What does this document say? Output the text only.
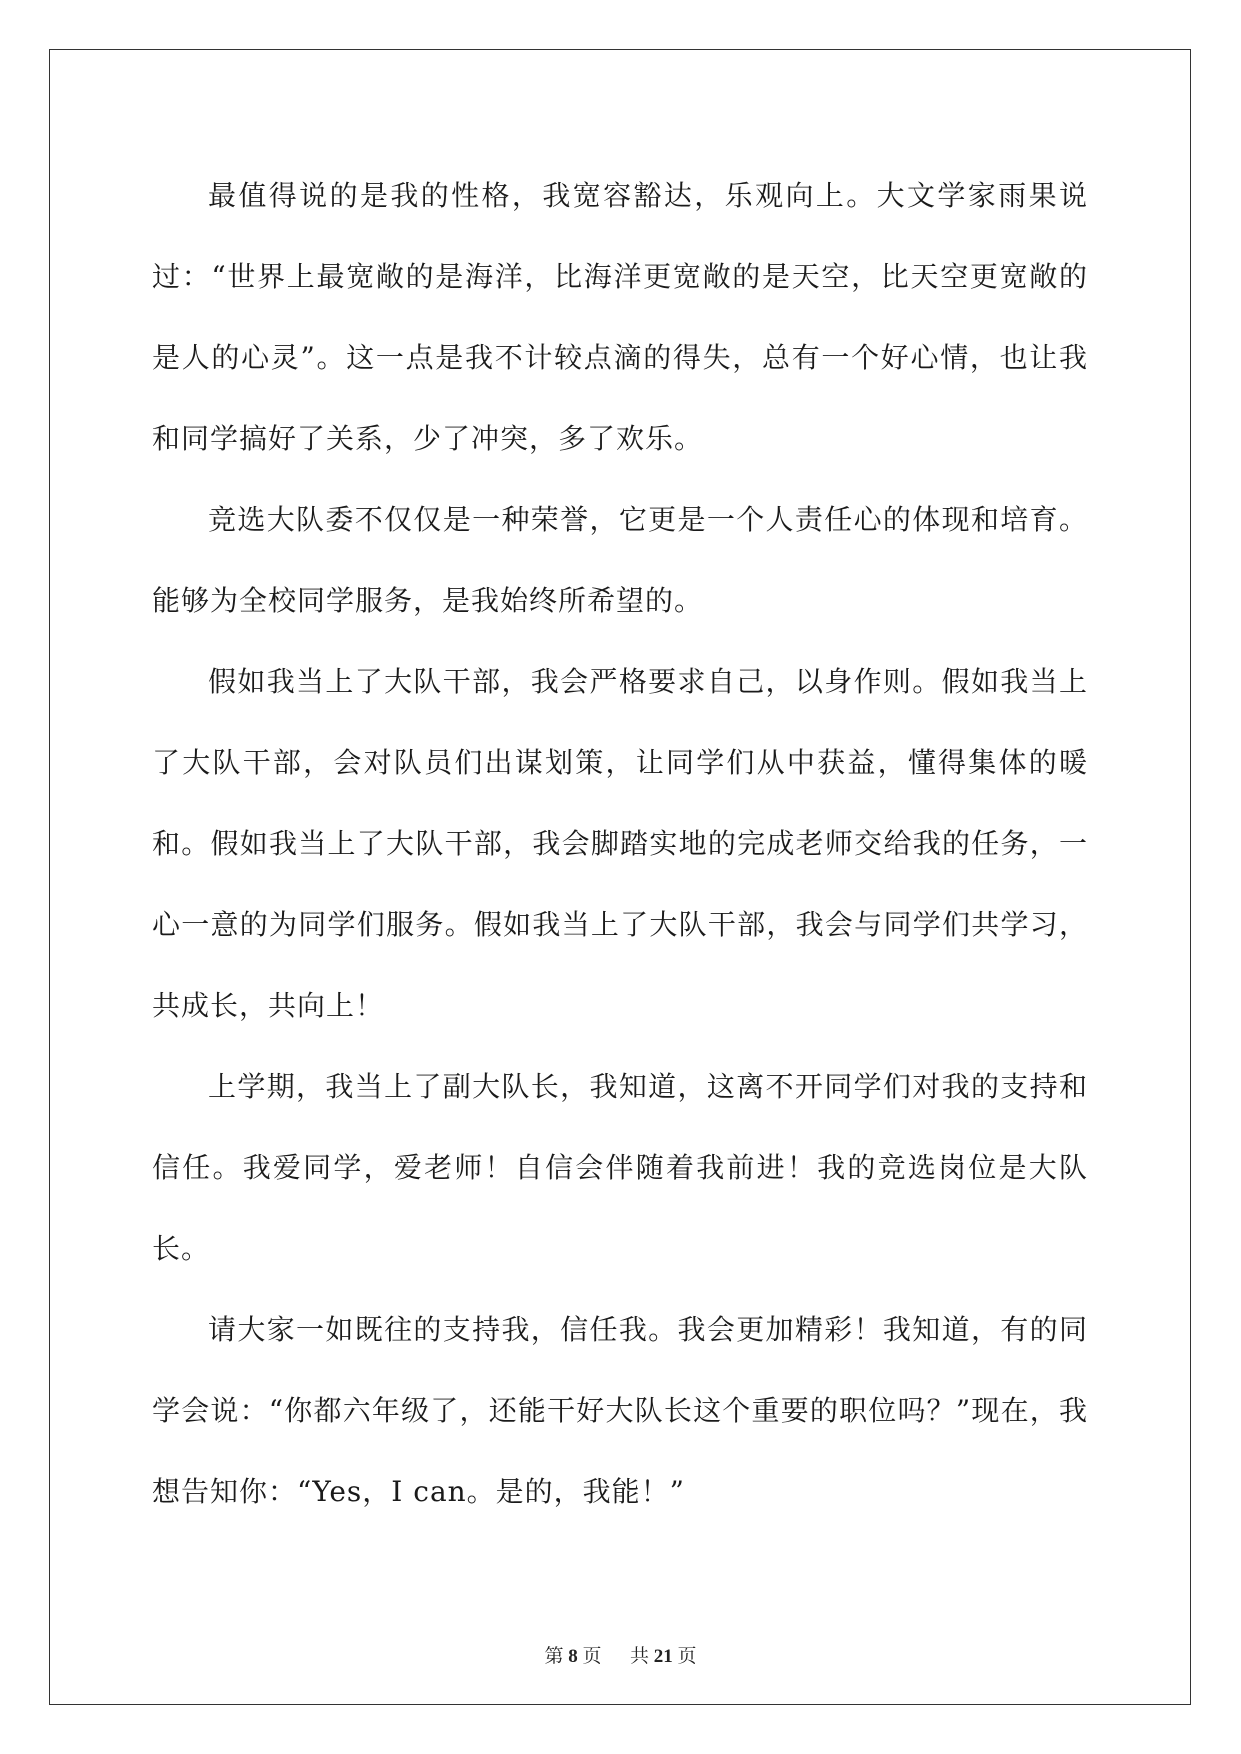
最值得说的是我的性格，我宽容豁达，乐观向上。大文学家雨果说过：“世界上最宽敞的是海洋，比海洋更宽敞的是天空，比天空更宽敞的是人的心灵”。这一点是我不计较点滴的得失，总有一个好心情，也让我和同学搞好了关系，少了冲突，多了欢乐。

竞选大队委不仅仅是一种荣誉，它更是一个人责任心的体现和培育。能够为全校同学服务，是我始终所希望的。

假如我当上了大队干部，我会严格要求自己，以身作则。假如我当上了大队干部，会对队员们出谋划策，让同学们从中获益，懂得集体的暖和。假如我当上了大队干部，我会脚踏实地的完成老师交给我的任务，一心一意的为同学们服务。假如我当上了大队干部，我会与同学们共学习，共成长，共向上！

上学期，我当上了副大队长，我知道，这离不开同学们对我的支持和信任。我爱同学，爱老师！自信会伴随着我前进！我的竞选岗位是大队长。

请大家一如既往的支持我，信任我。我会更加精彩！我知道，有的同学会说：“你都六年级了，还能干好大队长这个重要的职位吗？”现在，我想告知你：“Yes，I can。是的，我能！”

第 8 页 共 21 页
